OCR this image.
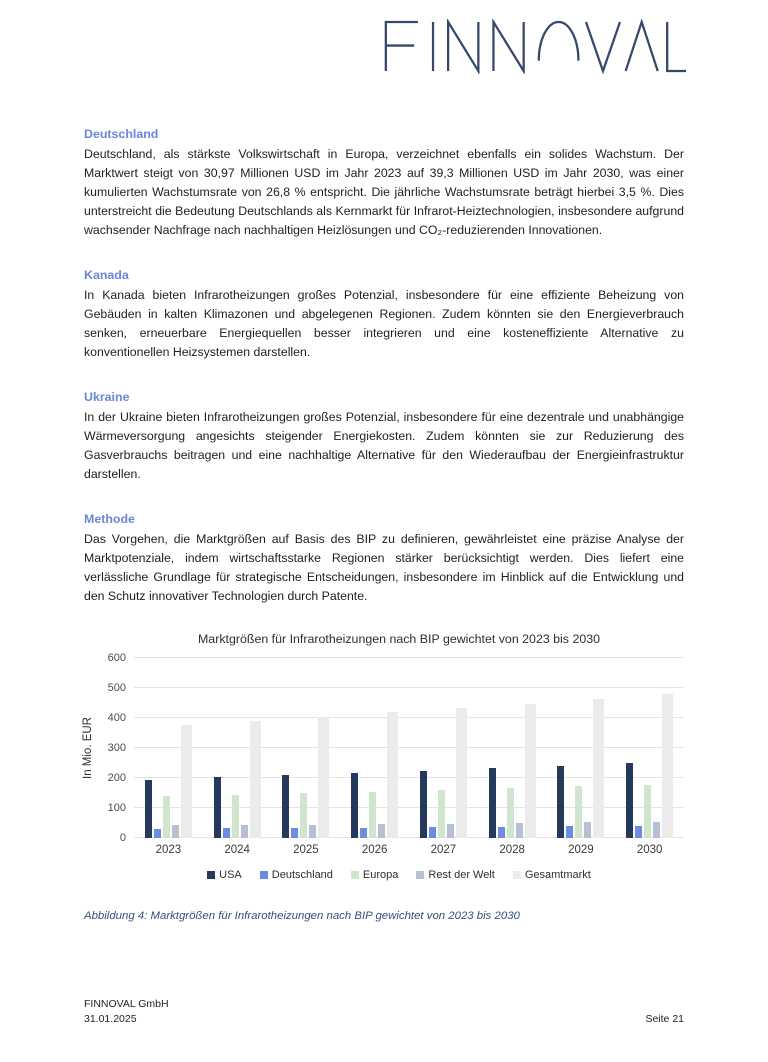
Deutschland

Deutschland, als stärkste Volkswirtschaft in Europa, verzeichnet ebenfalls ein solides Wachstum. Der Marktwert steigt von 30,97 Millionen USD im Jahr 2023 auf 39,3 Millionen USD im Jahr 2030, was einer kumulierten Wachstumsrate von 26,8 % entspricht. Die jährliche Wachstumsrate beträgt hierbei 3,5 %. Dies unterstreicht die Bedeutung Deutschlands als Kernmarkt für Infrarot-Heiztechnologien, insbesondere aufgrund wachsender Nachfrage nach nachhaltigen Heizlösungen und CO₂-reduzierenden Innovationen.

Kanada

In Kanada bieten Infrarotheizungen großes Potenzial, insbesondere für eine effiziente Beheizung von Gebäuden in kalten Klimazonen und abgelegenen Regionen. Zudem könnten sie den Energieverbrauch senken, erneuerbare Energiequellen besser integrieren und eine kosteneffiziente Alternative zu konventionellen Heizsystemen darstellen.

Ukraine

In der Ukraine bieten Infrarotheizungen großes Potenzial, insbesondere für eine dezentrale und unabhängige Wärmeversorgung angesichts steigender Energiekosten. Zudem könnten sie zur Reduzierung des Gasverbrauchs beitragen und eine nachhaltige Alternative für den Wiederaufbau der Energieinfrastruktur darstellen.

Methode

Das Vorgehen, die Marktgrößen auf Basis des BIP zu definieren, gewährleistet eine präzise Analyse der Marktpotenziale, indem wirtschaftsstarke Regionen stärker berücksichtigt werden. Dies liefert eine verlässliche Grundlage für strategische Entscheidungen, insbesondere im Hinblick auf die Entwicklung und den Schutz innovativer Technologien durch Patente.

Marktgrößen für Infrarotheizungen nach BIP gewichtet von 2023 bis 2030
In Mio. EUR
0
100
200
300
400
500
600
2023	2024	2025	2026	2027	2028	2029	2030
USA	Deutschland	Europa	Rest der Welt	Gesamtmarkt

Abbildung 4: Marktgrößen für Infrarotheizungen nach BIP gewichtet von 2023 bis 2030

FINNOVAL GmbH
31.01.2025	Seite 21
